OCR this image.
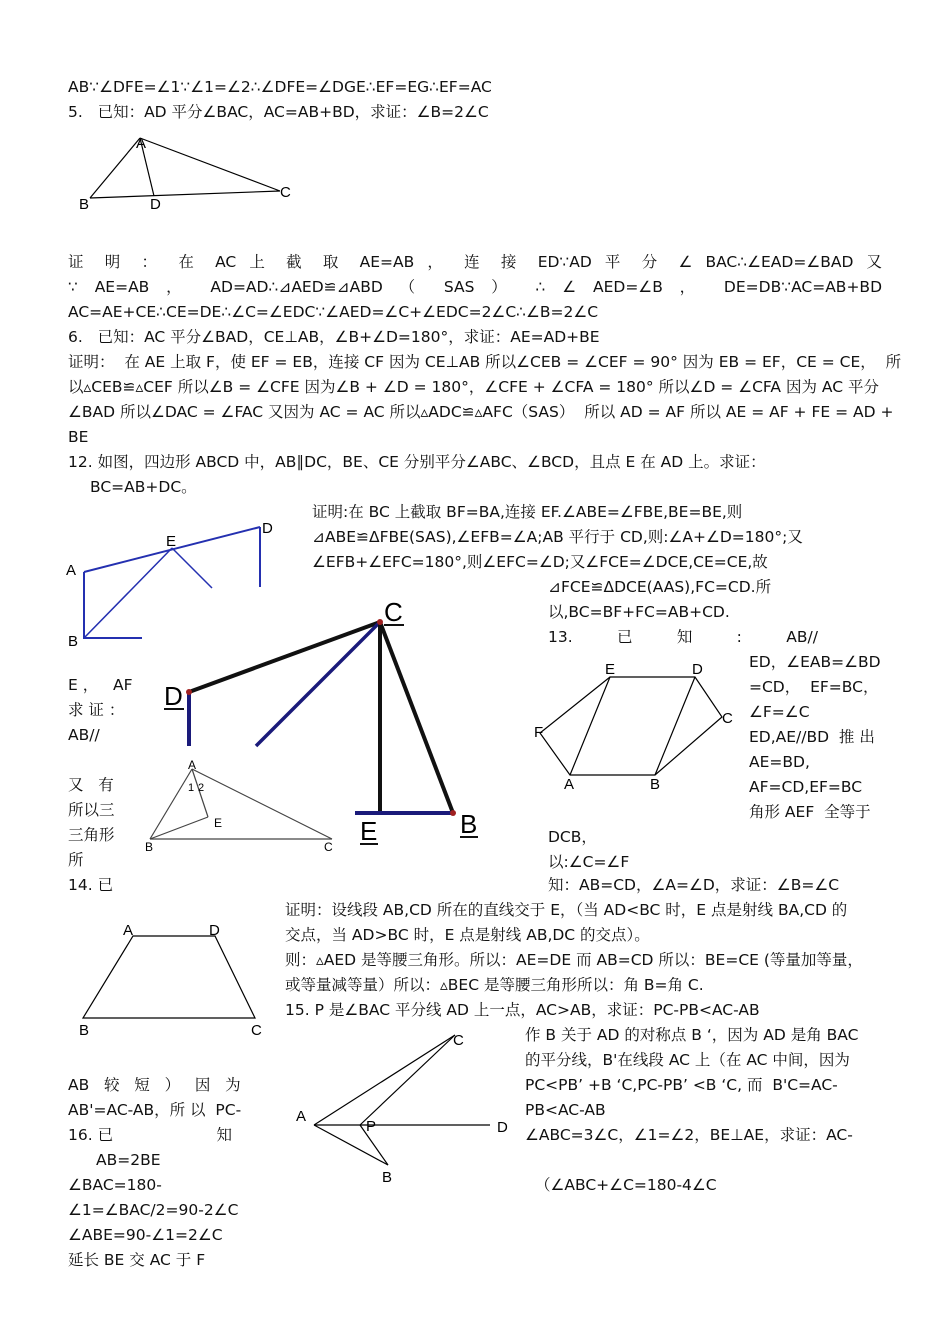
AB∵∠DFE=∠1∵∠1=∠2∴∠DFE=∠DGE∴EF=EG∴EF=AC
5.   已知：AD 平分∠BAC，AC=AB+BD，求证：∠B=2∠C
A
B
C
D
证 明 ： 在 AC 上 截 取 AE=AB ， 连 接 ED∵AD 平 分 ∠ BAC∴∠EAD=∠BAD 又
∵ AE=AB ， AD=AD∴⊿AED≌⊿ABD （ SAS ） ∴ ∠ AED=∠B ， DE=DB∵AC=AB+BD
AC=AE+CE∴CE=DE∴∠C=∠EDC∵∠AED=∠C+∠EDC=2∠C∴∠B=2∠C
6.   已知：AC 平分∠BAD，CE⊥AB，∠B+∠D=180°，求证：AE=AD+BE
证明：  在 AE 上取 F，使 EF = EB，连接 CF 因为 CE⊥AB 所以∠CEB = ∠CEF = 90° 因为 EB = EF，CE = CE，  所
以▵CEB≌▵CEF 所以∠B = ∠CFE 因为∠B + ∠D = 180°，∠CFE + ∠CFA = 180° 所以∠D = ∠CFA 因为 AC 平分
∠BAD 所以∠DAC = ∠FAC 又因为 AC = AC 所以▵ADC≌▵AFC（SAS）  所以 AD = AF 所以 AE = AF + FE = AD +
BE
12. 如图，四边形 ABCD 中，AB∥DC，BE、CE 分别平分∠ABC、∠BCD，且点 E 在 AD 上。求证：
BC=AB+DC。
证明:在 BC 上截取 BF=BA,连接 EF.∠ABE=∠FBE,BE=BE,则
⊿ABE≌ΔFBE(SAS),∠EFB=∠A;AB 平行于 CD,则:∠A+∠D=180°;又
∠EFB+∠EFC=180°,则∠EFC=∠D;又∠FCE=∠DCE,CE=CE,故
⊿FCE≌ΔDCE(AAS),FC=CD.所
以,BC=BF+FC=AB+CD.
A
B
D
E
C
D
E	B
A
B	C
E
1 2
E ，   AF
求 证 ：
AB//
又   有
所以三
三角形
所
14. 已
13.         已         知         :         AB//
ED，∠EAB=∠BD
=CD，  EF=BC，
∠F=∠C
ED,AE//BD  推 出
AE=BD,
AF=CD,EF=BC
角形 AEF  全等于
DCB，
以:∠C=∠F
E	D
C
F
A	B
知：AB=CD，∠A=∠D，求证：∠B=∠C
证明：设线段 AB,CD 所在的直线交于 E，（当 AD<BC 时，E 点是射线 BA,CD 的
交点，当 AD>BC 时，E 点是射线 AB,DC 的交点）。
则：▵AED 是等腰三角形。所以：AE=DE 而 AB=CD 所以：BE=CE (等量加等量，
或等量减等量）所以：▵BEC 是等腰三角形所以：角 B=角 C.
15. P 是∠BAC 平分线 AD 上一点，AC>AB，求证：PC-PB<AC-AB
A	D
B	C	作 B 关于 AD 的对称点 B ‘，因为 AD 是角 BAC
的平分线，B'在线段 AC 上（在 AC 中间，因为
PC<PB’ +B ‘C,PC-PB’ <B ‘C, 而  B'C=AC-
PB<AC-AB
∠ABC=3∠C，∠1=∠2，BE⊥AE，求证：AC-
（∠ABC+∠C=180-4∠C
A
C
P	D
B
AB   较   短   ）   因   为
AB'=AC-AB，所 以  PC-
16. 已                     知
AB=2BE
∠BAC=180-
∠1=∠BAC/2=90-2∠C
∠ABE=90-∠1=2∠C
延长 BE 交 AC 于 F
